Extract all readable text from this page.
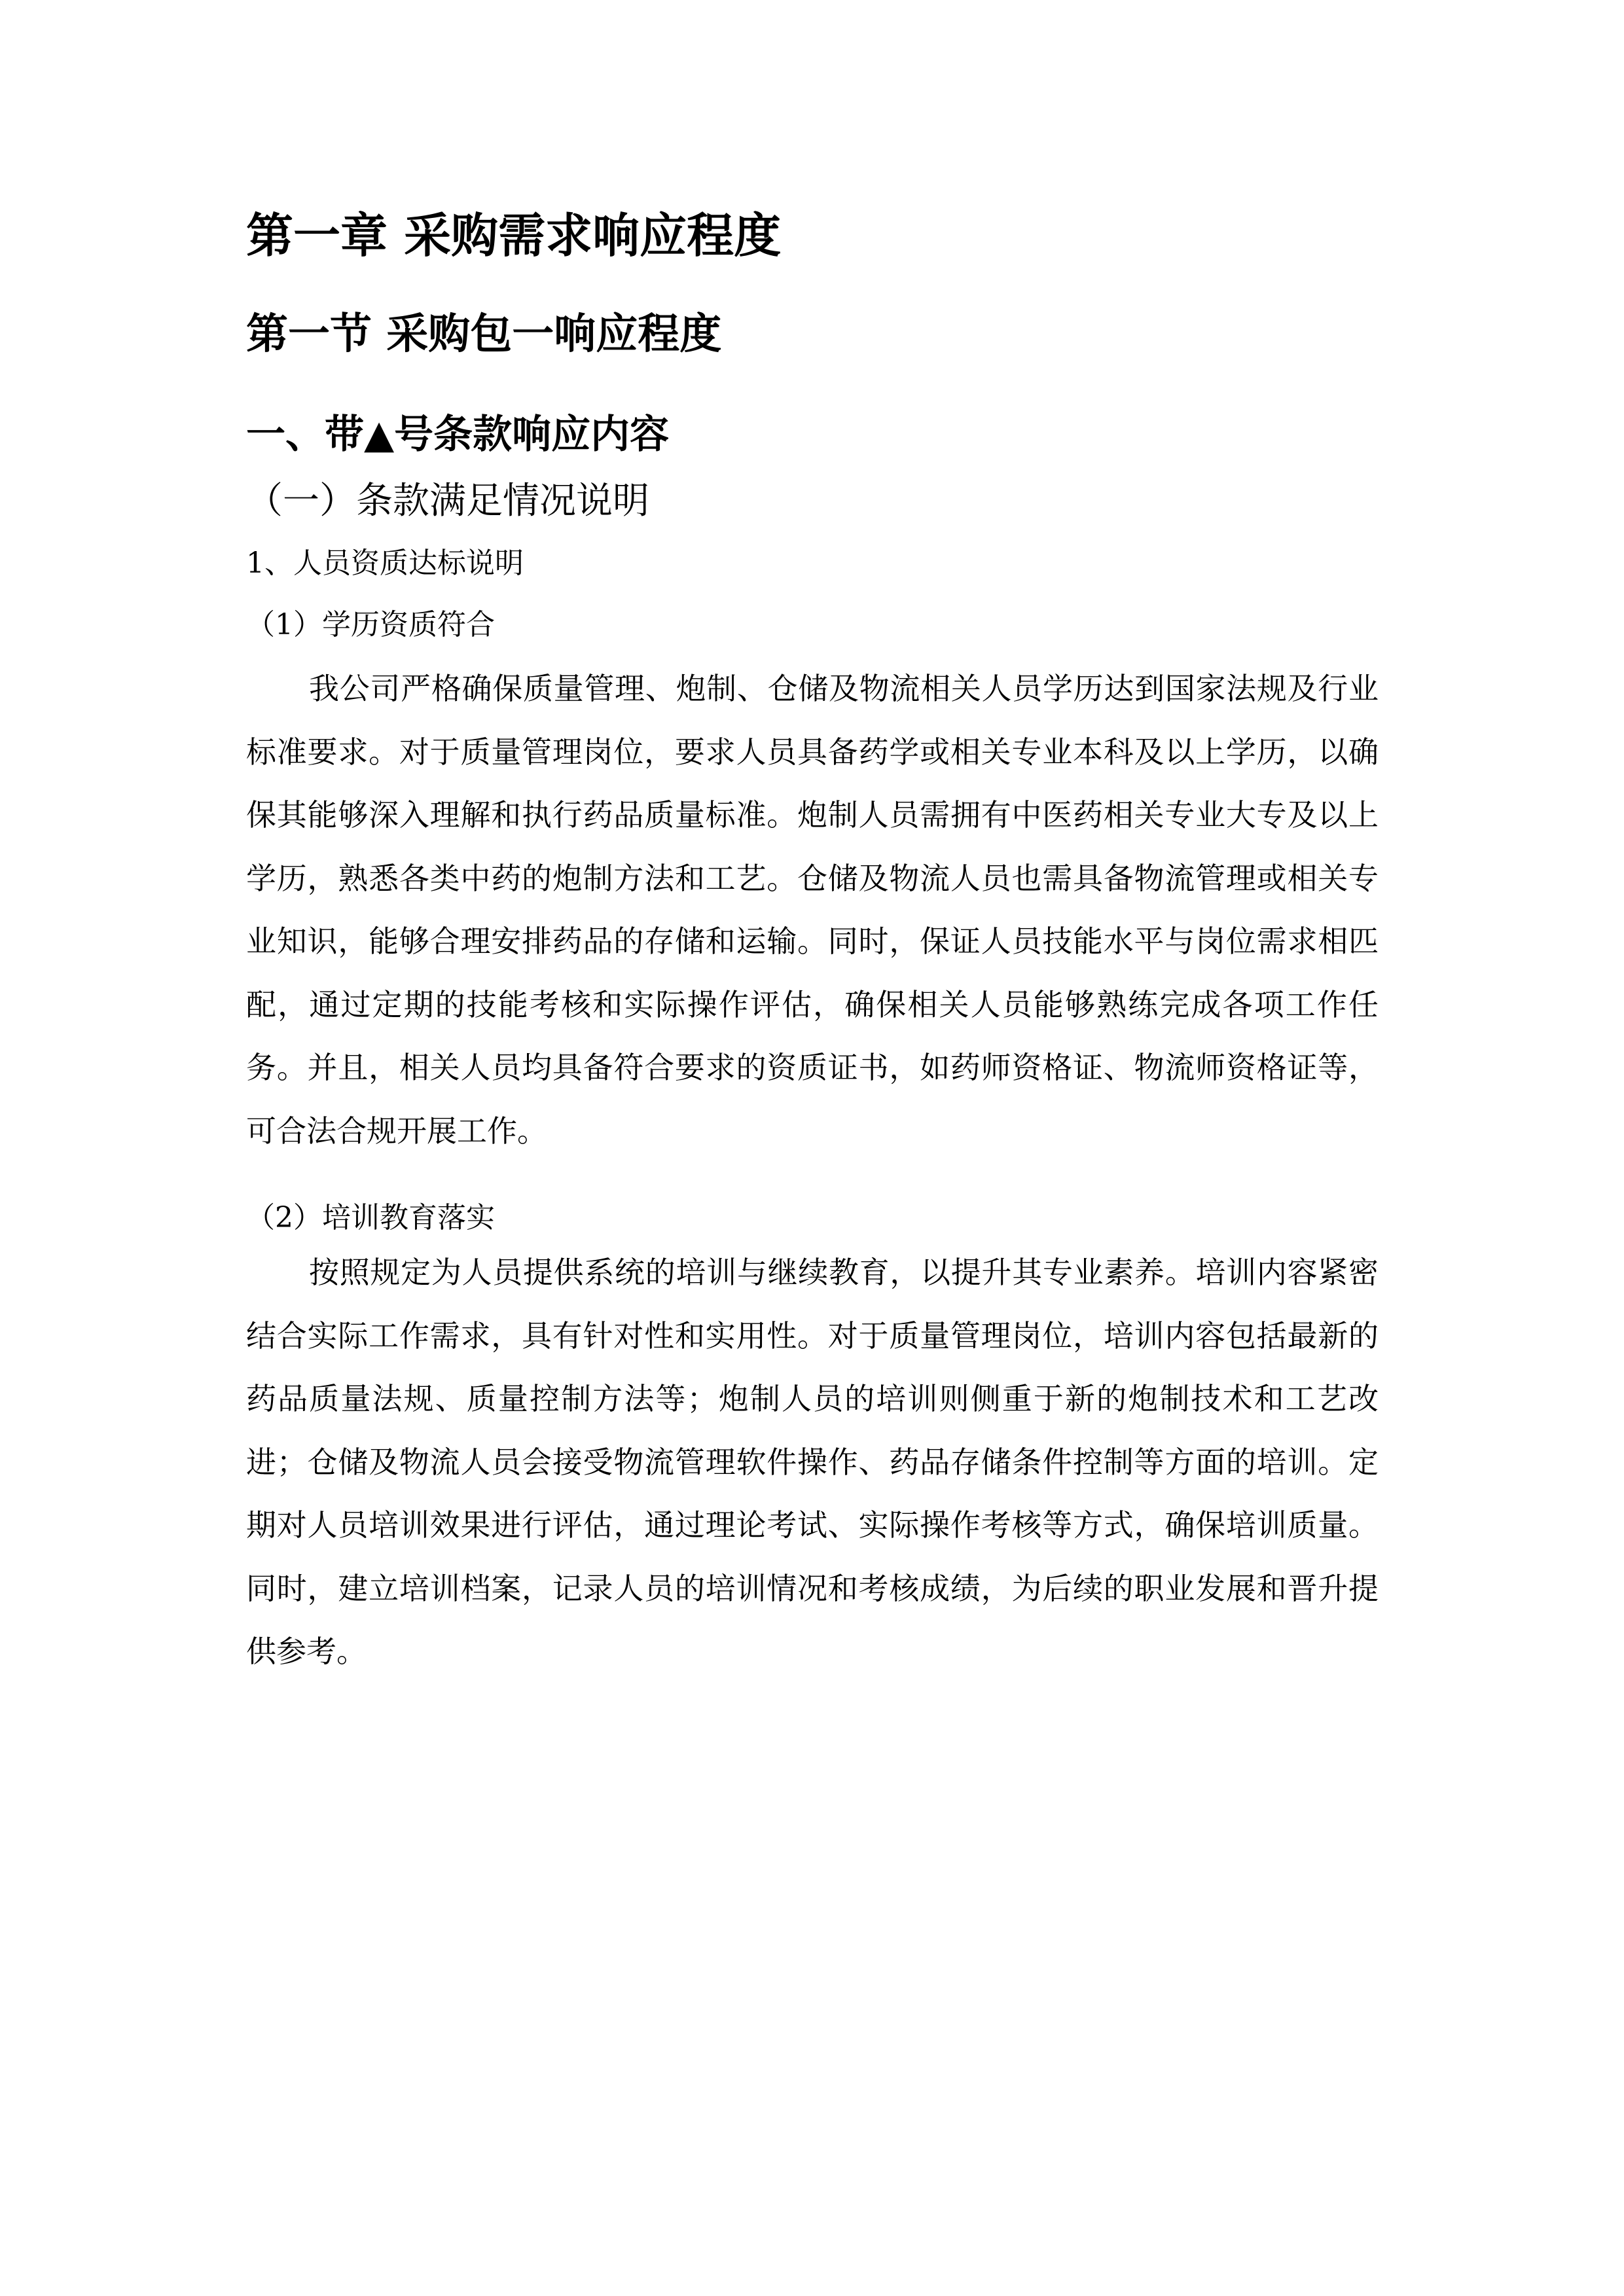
第一章 采购需求响应程度
第一节 采购包一响应程度
一、带▲号条款响应内容
（一）条款满足情况说明
1、人员资质达标说明
（1）学历资质符合

我公司严格确保质量管理、炮制、仓储及物流相关人员学历达到国家法规及行业标准要求。对于质量管理岗位，要求人员具备药学或相关专业本科及以上学历，以确保其能够深入理解和执行药品质量标准。炮制人员需拥有中医药相关专业大专及以上学历，熟悉各类中药的炮制方法和工艺。仓储及物流人员也需具备物流管理或相关专业知识，能够合理安排药品的存储和运输。同时，保证人员技能水平与岗位需求相匹配，通过定期的技能考核和实际操作评估，确保相关人员能够熟练完成各项工作任务。并且，相关人员均具备符合要求的资质证书，如药师资格证、物流师资格证等，可合法合规开展工作。

（2）培训教育落实

按照规定为人员提供系统的培训与继续教育，以提升其专业素养。培训内容紧密结合实际工作需求，具有针对性和实用性。对于质量管理岗位，培训内容包括最新的药品质量法规、质量控制方法等；炮制人员的培训则侧重于新的炮制技术和工艺改进；仓储及物流人员会接受物流管理软件操作、药品存储条件控制等方面的培训。定期对人员培训效果进行评估，通过理论考试、实际操作考核等方式，确保培训质量。同时，建立培训档案，记录人员的培训情况和考核成绩，为后续的职业发展和晋升提供参考。
